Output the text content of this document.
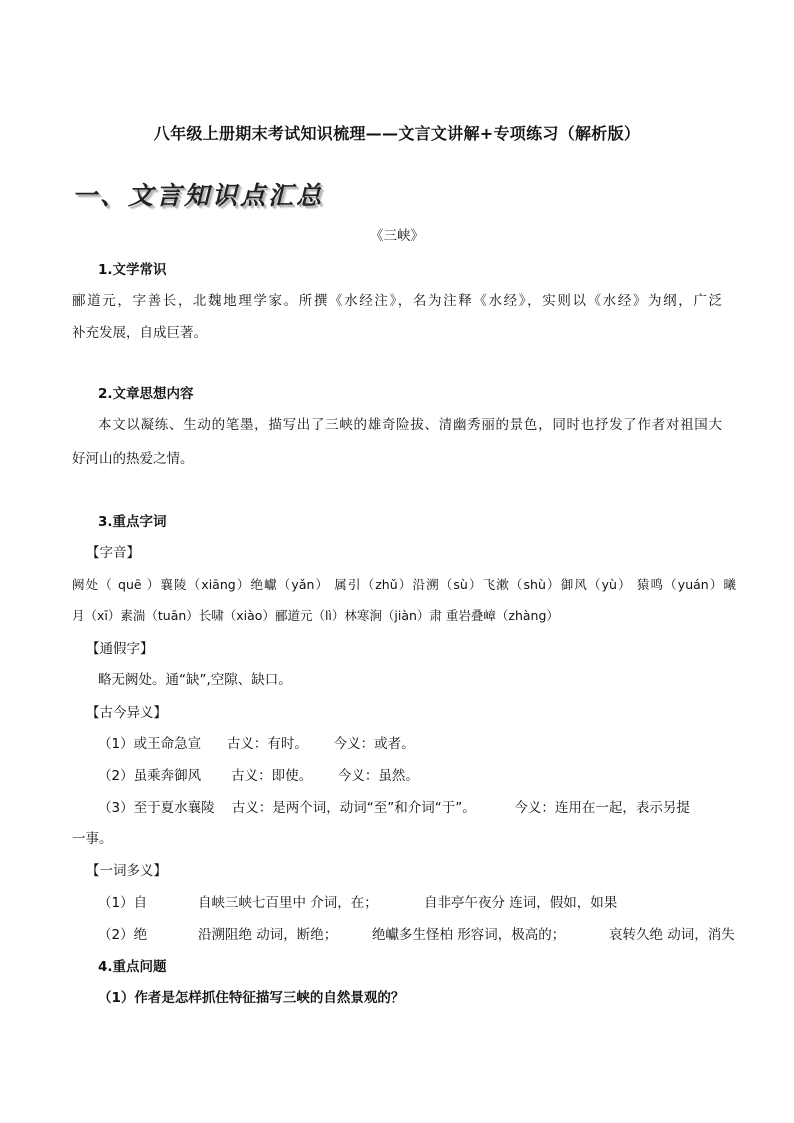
八年级上册期末考试知识梳理——文言文讲解+专项练习（解析版）
一、文言知识点汇总

《三峡》

1.文学常识

郦道元，字善长，北魏地理学家。所撰《水经注》，名为注释《水经》，实则以《水经》为纲，广泛

补充发展，自成巨著。

2.文章思想内容

本文以凝练、生动的笔墨，描写出了三峡的雄奇险拔、清幽秀丽的景色，同时也抒发了作者对祖国大

好河山的热爱之情。

3.重点字词

【字音】

阙处（ quē ）襄陵（xiāng）绝巘（yǎn） 属引（zhǔ）沿溯（sù）飞漱（shù）御风（yù） 猿鸣（yuán）曦

月（xī）素湍（tuān）长啸（xiào）郦道元（lì）林寒涧（jiàn）肃 重岩叠嶂（zhàng）

【通假字】

略无阙处。通“缺”,空隙、缺口。

【古今异义】

（1）或王命急宣      古义：有时。      今义：或者。

（2）虽乘奔御风       古义：即使。      今义：虽然。

（3）至于夏水襄陵    古义：是两个词，动词“至”和介词“于”。         今义：连用在一起，表示另提

一事。

【一词多义】

（1）自	自峡三峡七百里中 介词，在；	自非亭午夜分 连词，假如，如果
（2）绝	沿溯阻绝 动词，断绝；	绝巘多生怪柏 形容词，极高的；	哀转久绝 动词，消失

4.重点问题

（1）作者是怎样抓住特征描写三峡的自然景观的？
